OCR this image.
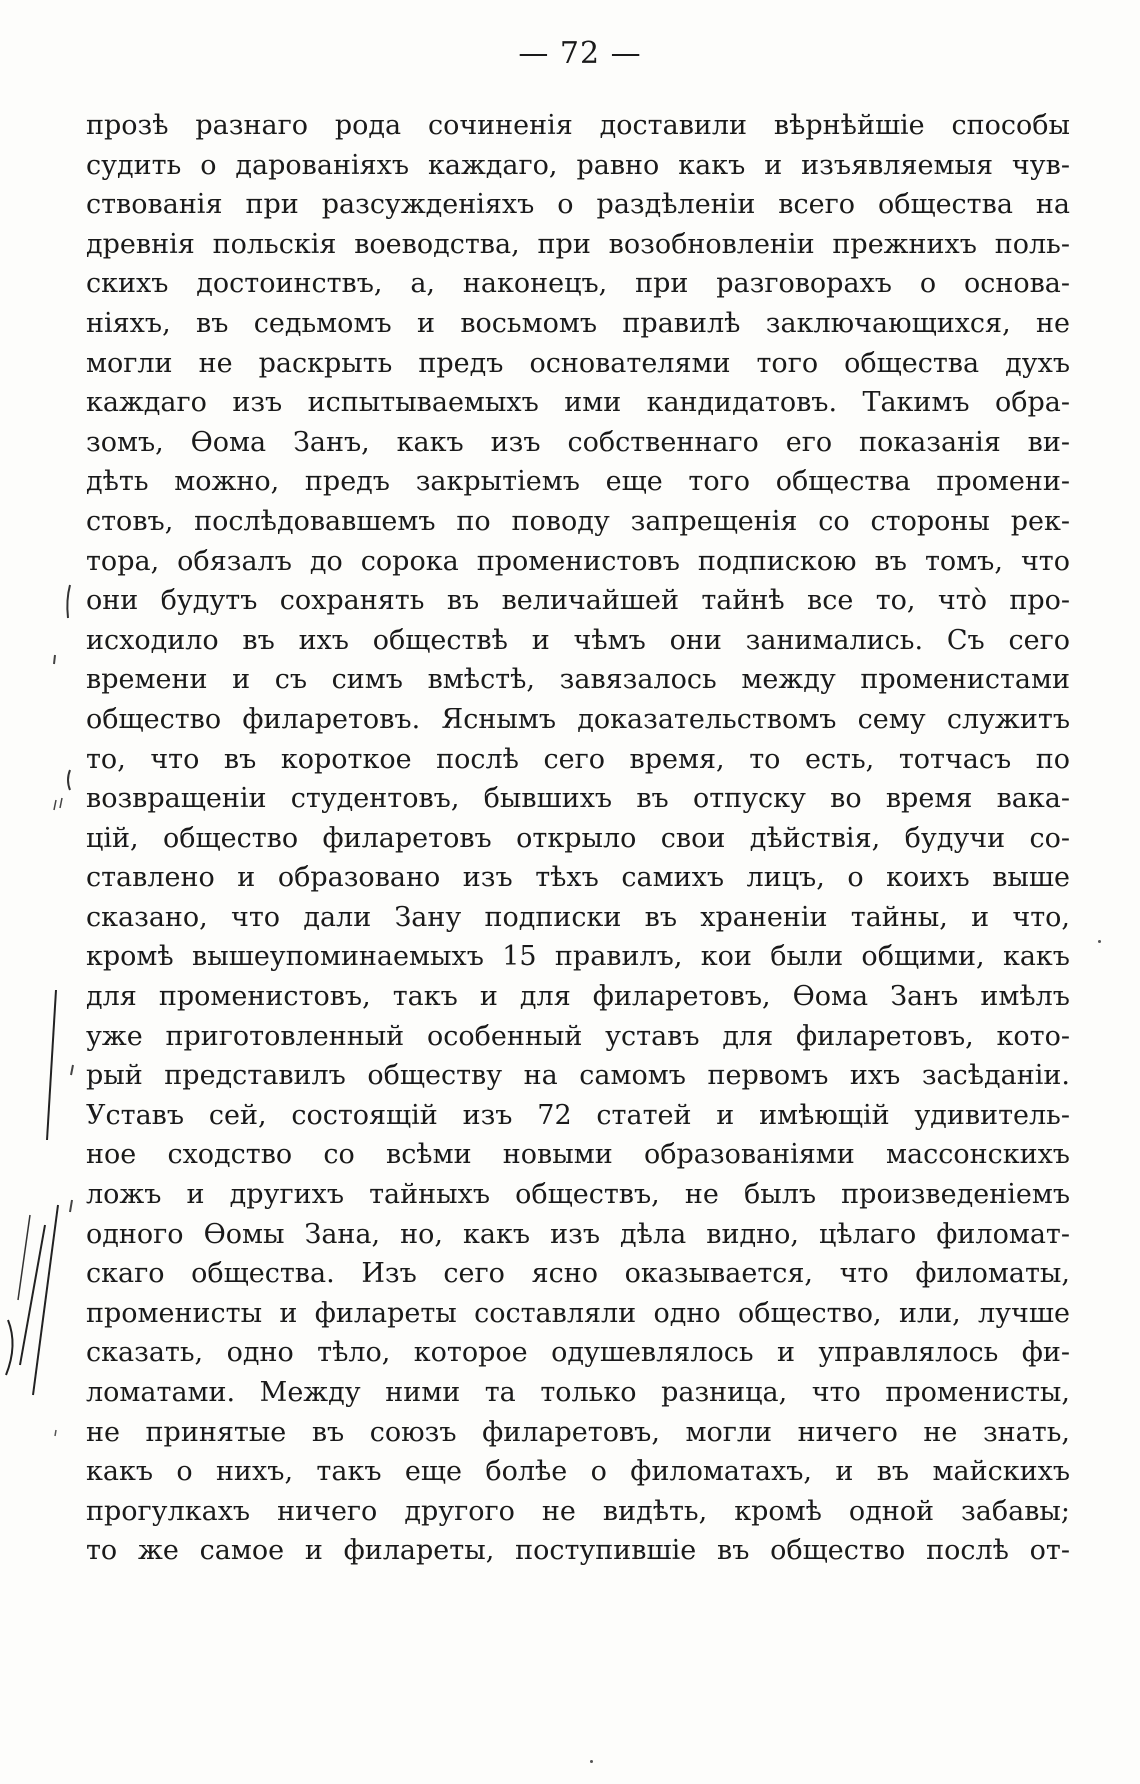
— 72 —
прозѣ разнаго рода сочиненія доставили вѣрнѣйшіе способы
судить о дарованіяхъ каждаго, равно какъ и изъявляемыя чув-
ствованія при разсужденіяхъ о раздѣленіи всего общества на
древнія польскія воеводства, при возобновленіи прежнихъ поль-
скихъ достоинствъ, а, наконецъ, при разговорахъ о основа-
ніяхъ, въ седьмомъ и восьмомъ правилѣ заключающихся, не
могли не раскрыть предъ основателями того общества духъ
каждаго изъ испытываемыхъ ими кандидатовъ. Такимъ обра-
зомъ, Ѳома Занъ, какъ изъ собственнаго его показанія ви-
дѣть можно, предъ закрытіемъ еще того общества промени-
стовъ, послѣдовавшемъ по поводу запрещенія со стороны рек-
тора, обязалъ до сорока променистовъ подпискою въ томъ, что
они будутъ сохранять въ величайшей тайнѣ все то, что̀ про-
исходило въ ихъ обществѣ и чѣмъ они занимались. Съ сего
времени и съ симъ вмѣстѣ, завязалось между променистами
общество филаретовъ. Яснымъ доказательствомъ сему служитъ
то, что въ короткое послѣ сего время, то есть, тотчасъ по
возвращеніи студентовъ, бывшихъ въ отпуску во время вака-
цій, общество филаретовъ открыло свои дѣйствія, будучи со-
ставлено и образовано изъ тѣхъ самихъ лицъ, о коихъ выше
сказано, что дали Зану подписки въ храненіи тайны, и что,
кромѣ вышеупоминаемыхъ 15 правилъ, кои были общими, какъ
для променистовъ, такъ и для филаретовъ, Ѳома Занъ имѣлъ
уже приготовленный особенный уставъ для филаретовъ, кото-
рый представилъ обществу на самомъ первомъ ихъ засѣданіи.
Уставъ сей, состоящій изъ 72 статей и имѣющій удивитель-
ное сходство со всѣми новыми образованіями массонскихъ
ложъ и другихъ тайныхъ обществъ, не былъ произведеніемъ
одного Ѳомы Зана, но, какъ изъ дѣла видно, цѣлаго филомат-
скаго общества. Изъ сего ясно оказывается, что филоматы,
променисты и филареты составляли одно общество, или, лучше
сказать, одно тѣло, которое одушевлялось и управлялось фи-
ломатами. Между ними та только разница, что променисты,
не принятые въ союзъ филаретовъ, могли ничего не знать,
какъ о нихъ, такъ еще болѣе о филоматахъ, и въ майскихъ
прогулкахъ ничего другого не видѣть, кромѣ одной забавы;
то же самое и филареты, поступившіе въ общество послѣ от-
